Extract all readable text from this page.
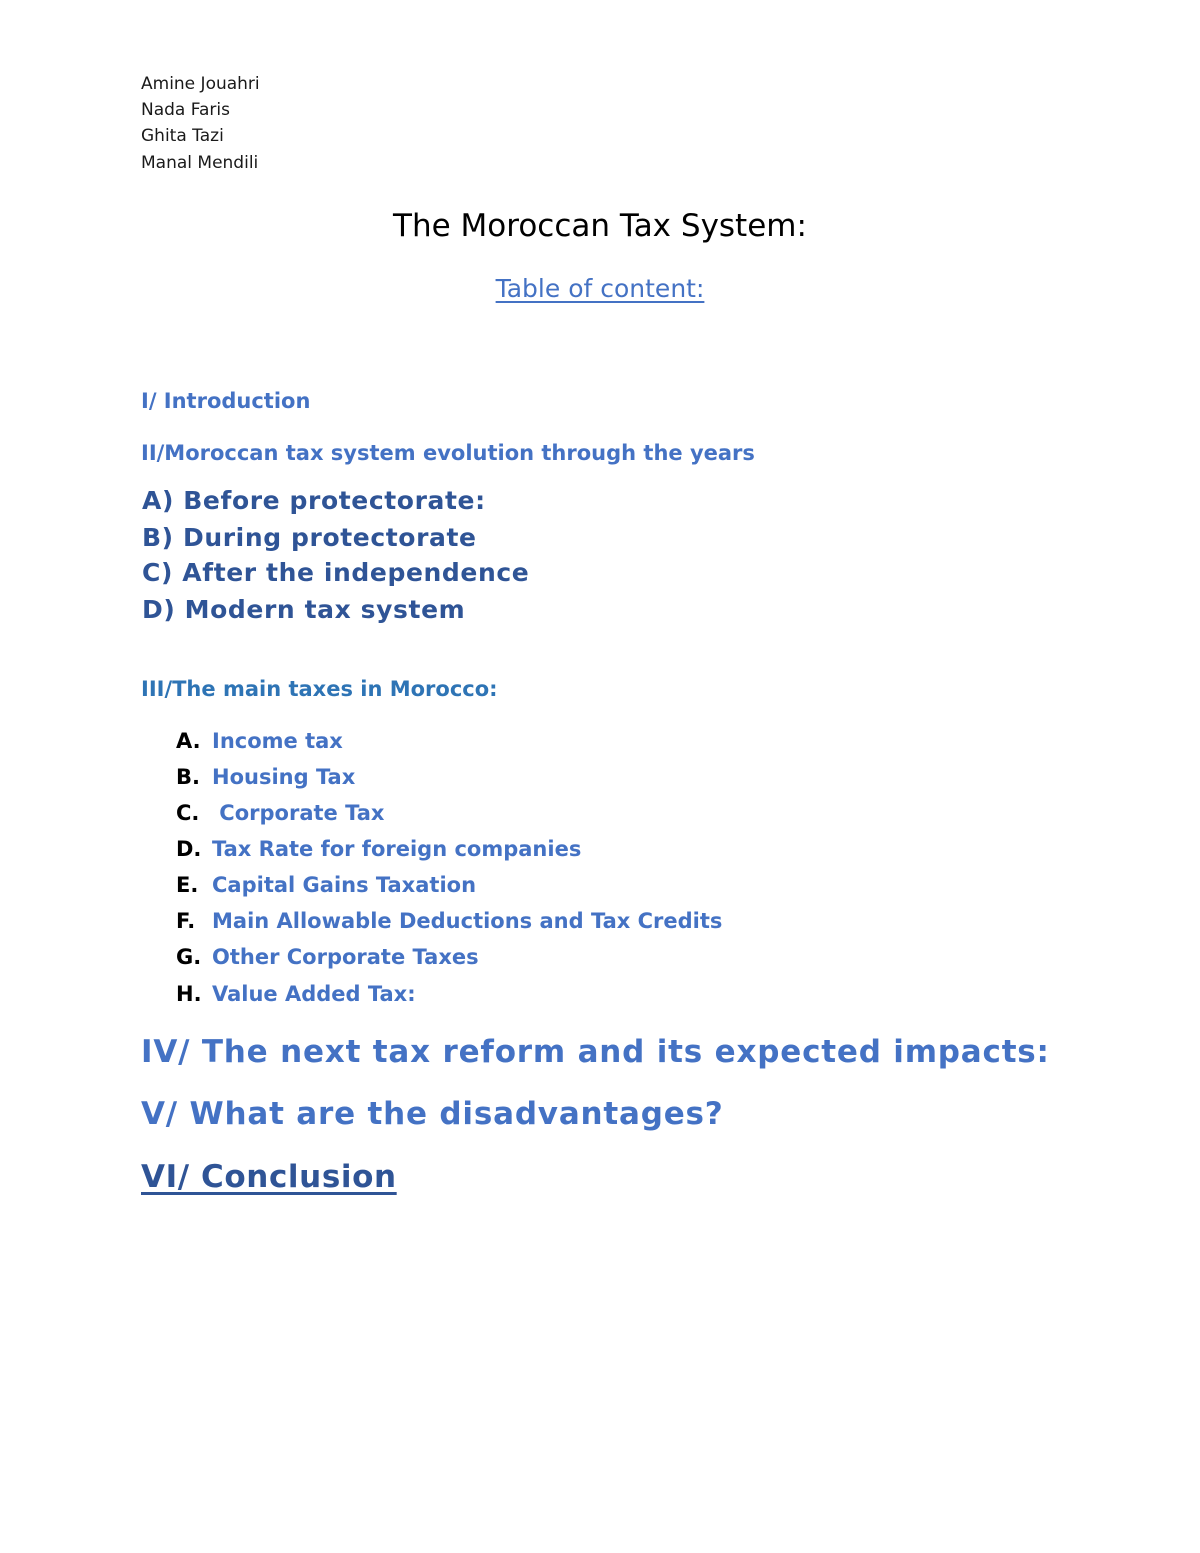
Amine Jouahri
Nada Faris
Ghita Tazi
Manal Mendili
The Moroccan Tax System:
Table of content:
I/ Introduction
II/Moroccan tax system evolution through the years
A) Before protectorate:
B) During protectorate
C) After the independence
D) Modern tax system
III/The main taxes in Morocco:
A. Income tax
B. Housing Tax
C. Corporate Tax
D. Tax Rate for foreign companies
E. Capital Gains Taxation
F. Main Allowable Deductions and Tax Credits
G. Other Corporate Taxes
H. Value Added Tax:
IV/ The next tax reform and its expected impacts:
V/ What are the disadvantages?
VI/ Conclusion
